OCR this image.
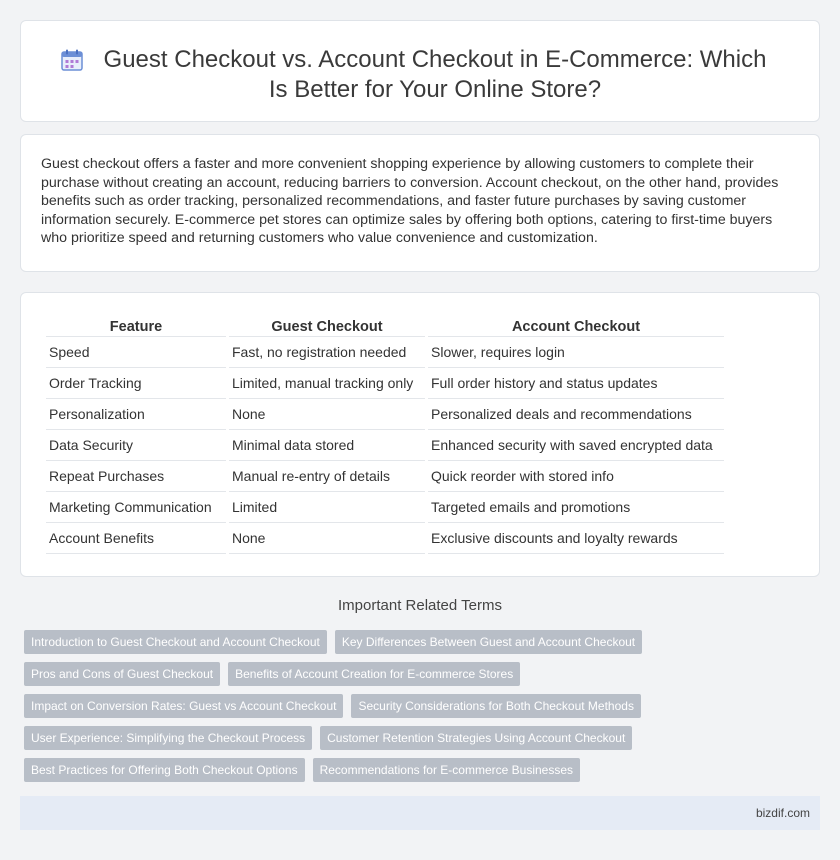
Guest Checkout vs. Account Checkout in E-Commerce: Which Is Better for Your Online Store?

Guest checkout offers a faster and more convenient shopping experience by allowing customers to complete their purchase without creating an account, reducing barriers to conversion. Account checkout, on the other hand, provides benefits such as order tracking, personalized recommendations, and faster future purchases by saving customer information securely. E-commerce pet stores can optimize sales by offering both options, catering to first-time buyers who prioritize speed and returning customers who value convenience and customization.

Feature	Guest Checkout	Account Checkout
Speed	Fast, no registration needed	Slower, requires login
Order Tracking	Limited, manual tracking only	Full order history and status updates
Personalization	None	Personalized deals and recommendations
Data Security	Minimal data stored	Enhanced security with saved encrypted data
Repeat Purchases	Manual re-entry of details	Quick reorder with stored info
Marketing Communication	Limited	Targeted emails and promotions
Account Benefits	None	Exclusive discounts and loyalty rewards
Important Related Terms
Introduction to Guest Checkout and Account Checkout	Key Differences Between Guest and Account Checkout
Pros and Cons of Guest Checkout	Benefits of Account Creation for E-commerce Stores
Impact on Conversion Rates: Guest vs Account Checkout	Security Considerations for Both Checkout Methods
User Experience: Simplifying the Checkout Process	Customer Retention Strategies Using Account Checkout
Best Practices for Offering Both Checkout Options	Recommendations for E-commerce Businesses
bizdif.com
